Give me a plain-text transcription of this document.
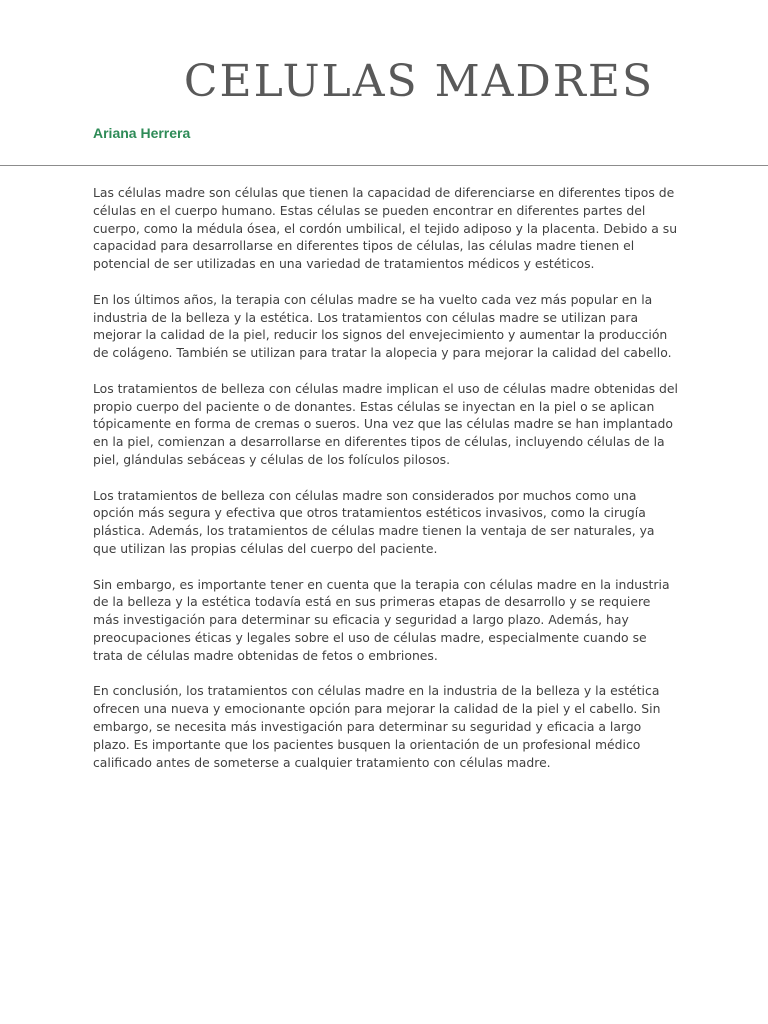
CELULAS MADRES
Ariana Herrera

Las células madre son células que tienen la capacidad de diferenciarse en diferentes tipos de células en el cuerpo humano. Estas células se pueden encontrar en diferentes partes del cuerpo, como la médula ósea, el cordón umbilical, el tejido adiposo y la placenta. Debido a su capacidad para desarrollarse en diferentes tipos de células, las células madre tienen el potencial de ser utilizadas en una variedad de tratamientos médicos y estéticos.

En los últimos años, la terapia con células madre se ha vuelto cada vez más popular en la industria de la belleza y la estética. Los tratamientos con células madre se utilizan para mejorar la calidad de la piel, reducir los signos del envejecimiento y aumentar la producción de colágeno. También se utilizan para tratar la alopecia y para mejorar la calidad del cabello.

Los tratamientos de belleza con células madre implican el uso de células madre obtenidas del propio cuerpo del paciente o de donantes. Estas células se inyectan en la piel o se aplican tópicamente en forma de cremas o sueros. Una vez que las células madre se han implantado en la piel, comienzan a desarrollarse en diferentes tipos de células, incluyendo células de la piel, glándulas sebáceas y células de los folículos pilosos.

Los tratamientos de belleza con células madre son considerados por muchos como una opción más segura y efectiva que otros tratamientos estéticos invasivos, como la cirugía plástica. Además, los tratamientos de células madre tienen la ventaja de ser naturales, ya que utilizan las propias células del cuerpo del paciente.

Sin embargo, es importante tener en cuenta que la terapia con células madre en la industria de la belleza y la estética todavía está en sus primeras etapas de desarrollo y se requiere más investigación para determinar su eficacia y seguridad a largo plazo. Además, hay preocupaciones éticas y legales sobre el uso de células madre, especialmente cuando se trata de células madre obtenidas de fetos o embriones.

En conclusión, los tratamientos con células madre en la industria de la belleza y la estética ofrecen una nueva y emocionante opción para mejorar la calidad de la piel y el cabello. Sin embargo, se necesita más investigación para determinar su seguridad y eficacia a largo plazo. Es importante que los pacientes busquen la orientación de un profesional médico calificado antes de someterse a cualquier tratamiento con células madre.
